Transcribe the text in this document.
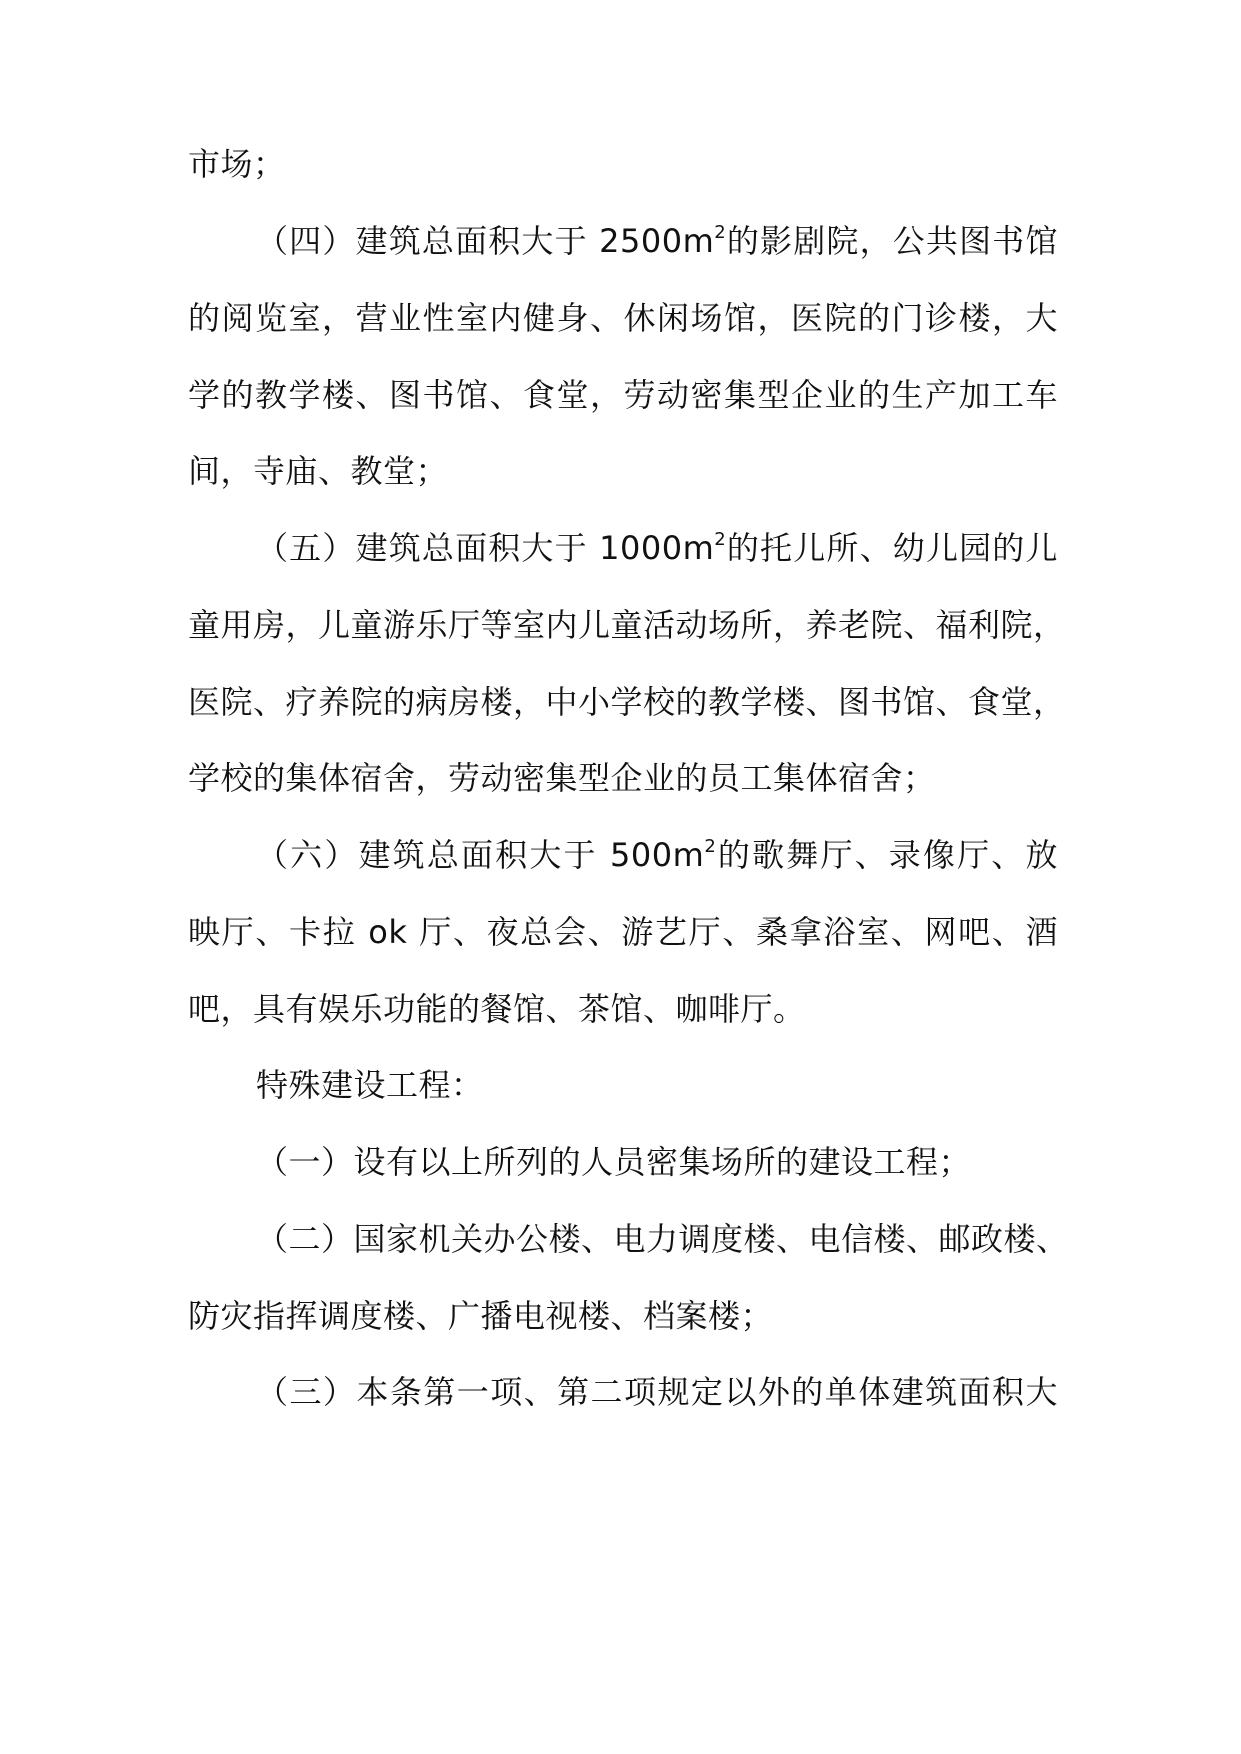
市场；
（四）建筑总面积大于 $2500m^2$的影剧院，公共图书馆
的阅览室，营业性室内健身、休闲场馆，医院的门诊楼，大
学的教学楼、图书馆、食堂，劳动密集型企业的生产加工车
间，寺庙、教堂；
（五）建筑总面积大于 $1000m^2$的托儿所、幼儿园的儿
童用房，儿童游乐厅等室内儿童活动场所，养老院、福利院，
医院、疗养院的病房楼，中小学校的教学楼、图书馆、食堂，
学校的集体宿舍，劳动密集型企业的员工集体宿舍；
（六）建筑总面积大于 $500m^2$的歌舞厅、录像厅、放
映厅、卡拉 ok 厅、夜总会、游艺厅、桑拿浴室、网吧、酒
吧，具有娱乐功能的餐馆、茶馆、咖啡厅。
特殊建设工程：
（一）设有以上所列的人员密集场所的建设工程；
（二）国家机关办公楼、电力调度楼、电信楼、邮政楼、
防灾指挥调度楼、广播电视楼、档案楼；
（三）本条第一项、第二项规定以外的单体建筑面积大
